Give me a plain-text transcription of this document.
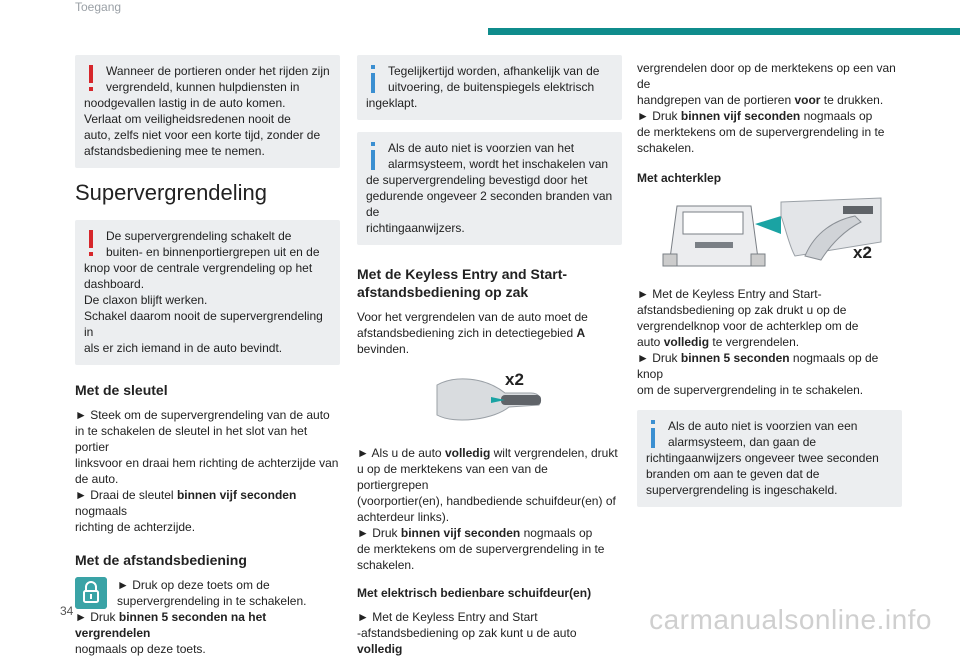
Toegang

Wanneer de portieren onder het rijden zijn

vergrendeld, kunnen hulpdiensten in

noodgevallen lastig in de auto komen.

Verlaat om veiligheidsredenen nooit de

auto, zelfs niet voor een korte tijd, zonder de

afstandsbediening mee te nemen.

Supervergrendeling

De supervergrendeling schakelt de

buiten- en binnenportiergrepen uit en de

knop voor de centrale vergrendeling op het

dashboard.

De claxon blijft werken.

Schakel daarom nooit de supervergrendeling in

als er zich iemand in de auto bevindt.

Met de sleutel

► Steek om de supervergrendeling van de auto

in te schakelen de sleutel in het slot van het portier

linksvoor en draai hem richting de achterzijde van

de auto.

► Draai de sleutel binnen vijf seconden nogmaals

richting de achterzijde.

Met de afstandsbediening

► Druk op deze toets om de

supervergrendeling in te schakelen.

► Druk binnen 5 seconden na het vergrendelen

nogmaals op deze toets.

Tegelijkertijd worden, afhankelijk van de

uitvoering, de buitenspiegels elektrisch

ingeklapt.

Als de auto niet is voorzien van het

alarmsysteem, wordt het inschakelen van

de supervergrendeling bevestigd door het

gedurende ongeveer 2 seconden branden van de

richtingaanwijzers.

Met de Keyless Entry and Start-afstandsbediening op zak

Voor het vergrendelen van de auto moet de

afstandsbediening zich in detectiegebied A

bevinden.

x2

► Als u de auto volledig wilt vergrendelen, drukt

u op de merktekens van een van de portiergrepen

(voorportier(en), handbediende schuifdeur(en) of

achterdeur links).

► Druk binnen vijf seconden nogmaals op

de merktekens om de supervergrendeling in te

schakelen.

Met elektrisch bedienbare schuifdeur(en)

► Met de Keyless Entry and Start

-afstandsbediening op zak kunt u de auto volledig

vergrendelen door op de merktekens op een van de

handgrepen van de portieren voor te drukken.

► Druk binnen vijf seconden nogmaals op

de merktekens om de supervergrendeling in te

schakelen.

Met achterklep
x2

► Met de Keyless Entry and Start-

afstandsbediening op zak drukt u op de

vergrendelknop voor de achterklep om de

auto volledig te vergrendelen.

► Druk binnen 5 seconden nogmaals op de knop

om de supervergrendeling in te schakelen.

Als de auto niet is voorzien van een

alarmsysteem, dan gaan de

richtingaanwijzers ongeveer twee seconden

branden om aan te geven dat de

supervergrendeling is ingeschakeld.

34	carmanualsonline.info
